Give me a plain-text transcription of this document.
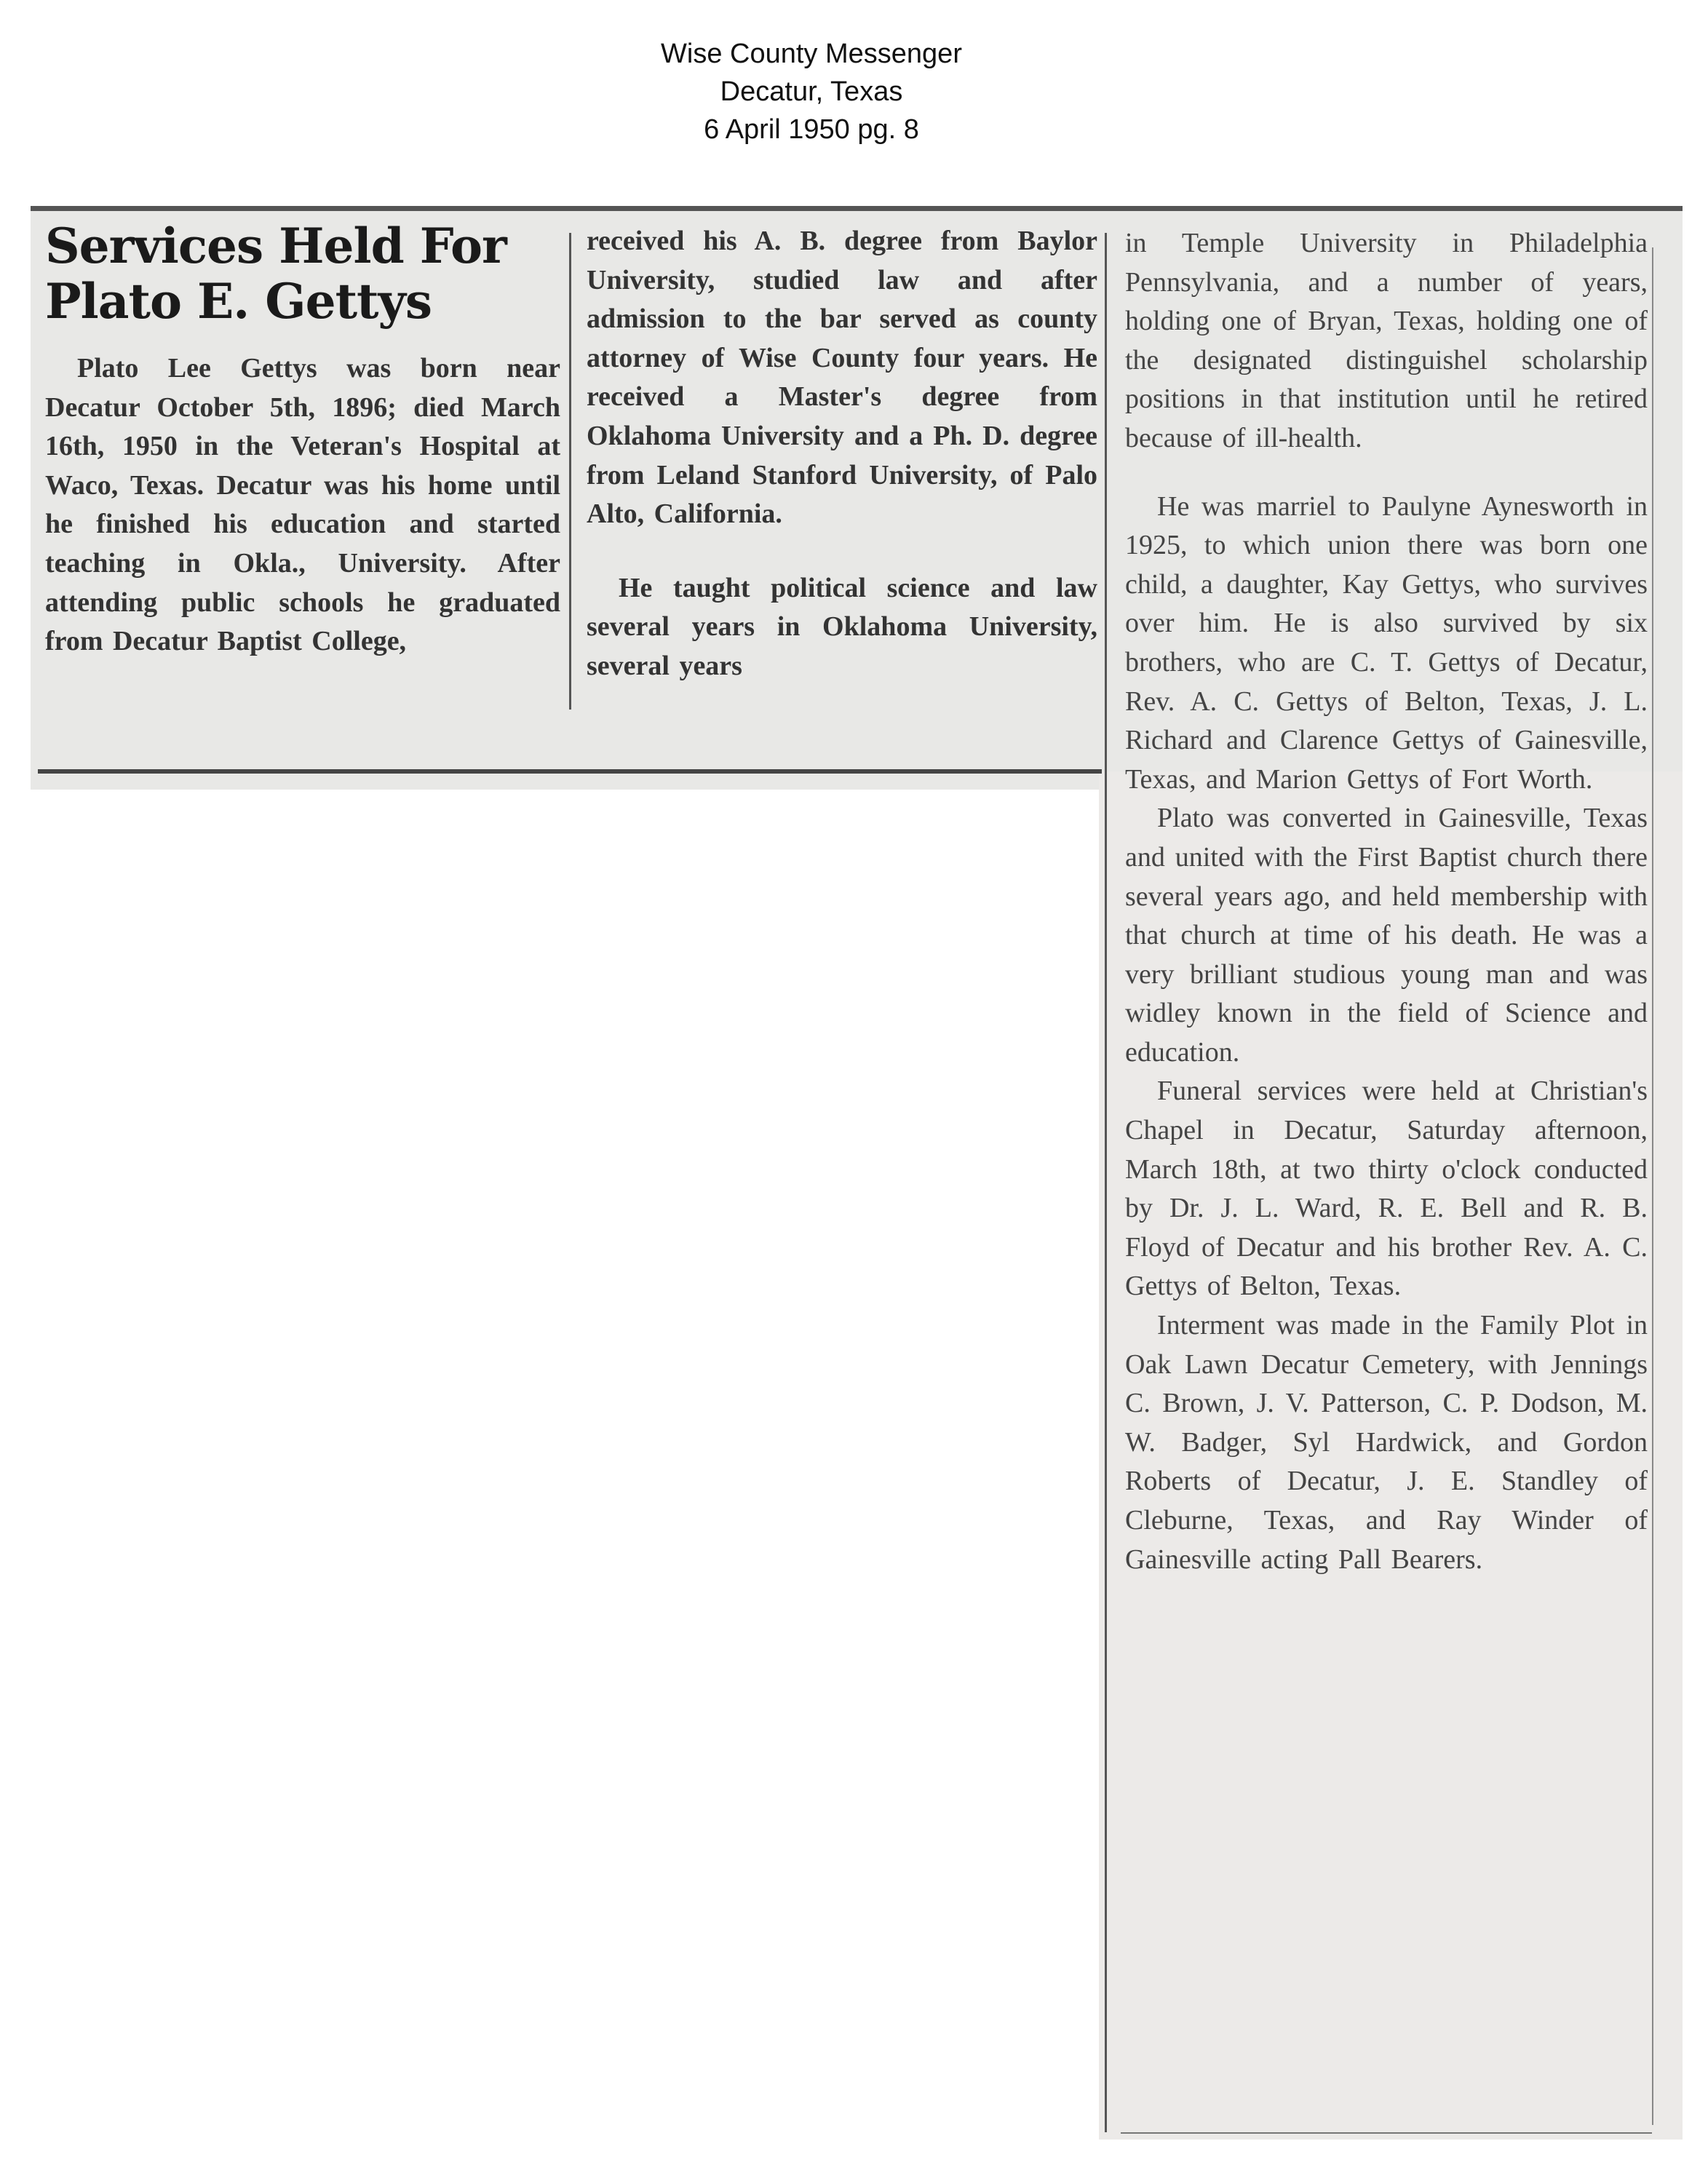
Wise County Messenger
Decatur, Texas
6 April 1950 pg. 8
Services Held For
Plato E. Gettys

Plato Lee Gettys was born near Decatur October 5th, 1896; died March 16th, 1950 in the Veteran's Hospital at Waco, Texas. Decatur was his home until he finished his education and started teaching in Okla., University. After attending public schools he graduated from Decatur Baptist College,

received his A. B. degree from Baylor University, studied law and after admission to the bar served as county attorney of Wise County four years. He received a Master's degree from Oklahoma University and a Ph. D. degree from Leland Stanford University, of Palo Alto, California.

He taught political science and law several years in Oklahoma University, several years

in Temple University in Philadelphia Pennsylvania, and a number of years, holding one of Bryan, Texas, holding one of the designated distinguishel scholarship positions in that institution until he retired because of ill-health.

He was marriel to Paulyne Aynesworth in 1925, to which union there was born one child, a daughter, Kay Gettys, who survives over him. He is also survived by six brothers, who are C. T. Gettys of Decatur, Rev. A. C. Gettys of Belton, Texas, J. L. Richard and Clarence Gettys of Gainesville, Texas, and Marion Gettys of Fort Worth.

Plato was converted in Gainesville, Texas and united with the First Baptist church there several years ago, and held membership with that church at time of his death. He was a very brilliant studious young man and was widley known in the field of Science and education.

Funeral services were held at Christian's Chapel in Decatur, Saturday afternoon, March 18th, at two thirty o'clock conducted by Dr. J. L. Ward, R. E. Bell and R. B. Floyd of Decatur and his brother Rev. A. C. Gettys of Belton, Texas.

Interment was made in the Family Plot in Oak Lawn Decatur Cemetery, with Jennings C. Brown, J. V. Patterson, C. P. Dodson, M. W. Badger, Syl Hardwick, and Gordon Roberts of Decatur, J. E. Standley of Cleburne, Texas, and Ray Winder of Gainesville acting Pall Bearers.
